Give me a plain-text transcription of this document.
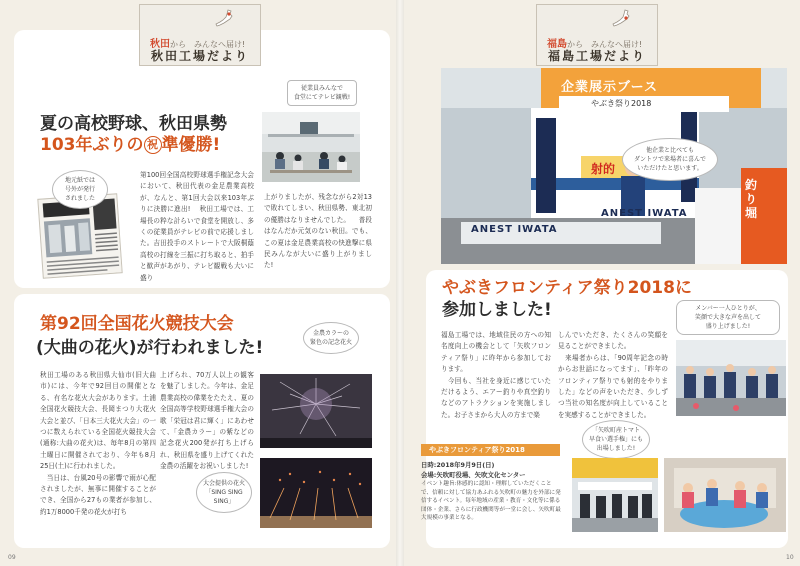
秋田から　 みんなへ届け!
秋田工場だより
夏の高校野球、秋田県勢
103年ぶりの 祝 準優勝!
従業員みんなで
食堂にてテレビ観戦!
地元紙では
号外が発行
されました
第100回全国高校野球選手権記念大会において、秋田代表の金足農業高校が、なんと、第1回大会以来103年ぶりに決勝に進出! 　秋田工場では、工場長の粋な計らいで食堂を開放し、多くの従業員がテレビの前で応援しました。吉田投手のストレートで大阪桐蔭高校の打線を三振に打ち取ると、拍手と歓声があがり、テレビ観戦も大いに盛り
上がりましたが、残念ながら2対13で敗れてしまい、秋田県勢、東北初の優勝はなりませんでした。 　普段はなんだか元気のない秋田。でも、この夏は金足農業高校の快進撃に県民みんなが大いに盛り上がりました!
第92回全国花火競技大会
(大曲の花火)が行われました!
秋田工場のある秋田県大仙市(旧大曲市)には、今年で92回目の開催となる、有名な花火大会があります。土浦全国花火競技大会、長岡まつり大花火大会と並び、「日本三大花火大会」の一つに数えられている全国花火競技大会(通称:大曲の花火)は、毎年8月の第四土曜日に開催されており、今年も8月25日(土)に行われました。
　当日は、台風20号の影響で雨が心配されましたが、無事に開催することができ、全国から27もの業者が参加し、約1万8000千発の花火が打ち
上げられ、70万人以上の観客を魅了しました。今年は、金足農業高校の偉業をたたえ、夏の全国高等学校野球選手権大会の歌「栄冠は君に輝く」にあわせて、「金農カラー」の紫などの記念花火200発が打ち上げられ、秋田県を盛り上げてくれた金農の活躍をお祝いしました!
金農カラーの
緊色の記念花火
大会提供の花火
「SING SING
SING」
09
福島から　 みんなへ届け!
福島工場だより
企業展示ブース
やぶき祭り2018
ANEST IWATA
ANEST IWATA
射的
釣り堀
他企業と比べても
ダントツで来場者に喜んで
いただけたと思います。
やぶきフロンティア祭り2018に
参加しました!
福島工場では、地域住民の方への知名度向上の機会として「矢吹フロンティア祭り」に昨年から参加しております。
　今回も、当社を身近に感じていただけるよう、エアー釣りや真空釣りなどのアトラクションを実施しました。お子さまから大人の方まで楽
しんでいただき、たくさんの笑顔を見ることができました。
　来場者からは、「90周年記念の時からお世話になってます」、「昨年のフロンティア祭りでも射的をやりました」などの声をいただき、少しずつ当社の知名度が向上していることを実感することができました。
メンバー一人ひとりが、
笑顔で大きな声を出して
盛り上げました!
やぶきフロンティア祭り2018
日時:2018年9月9日(日)
会場:矢吹町役場、矢吹文化センター
イベント趣旨:体感的に認知・理解していただくことで、信頼に対して協力あふれる矢吹町の魅力を外部に発信するイベント。毎年地域の産業・教育・文化等に係る団体・企業、さらに行政機関等が一堂に会し、矢吹町最大規模の事業となる。
「矢吹町産トマト
早食い選手権」にも
出場しました!
10
